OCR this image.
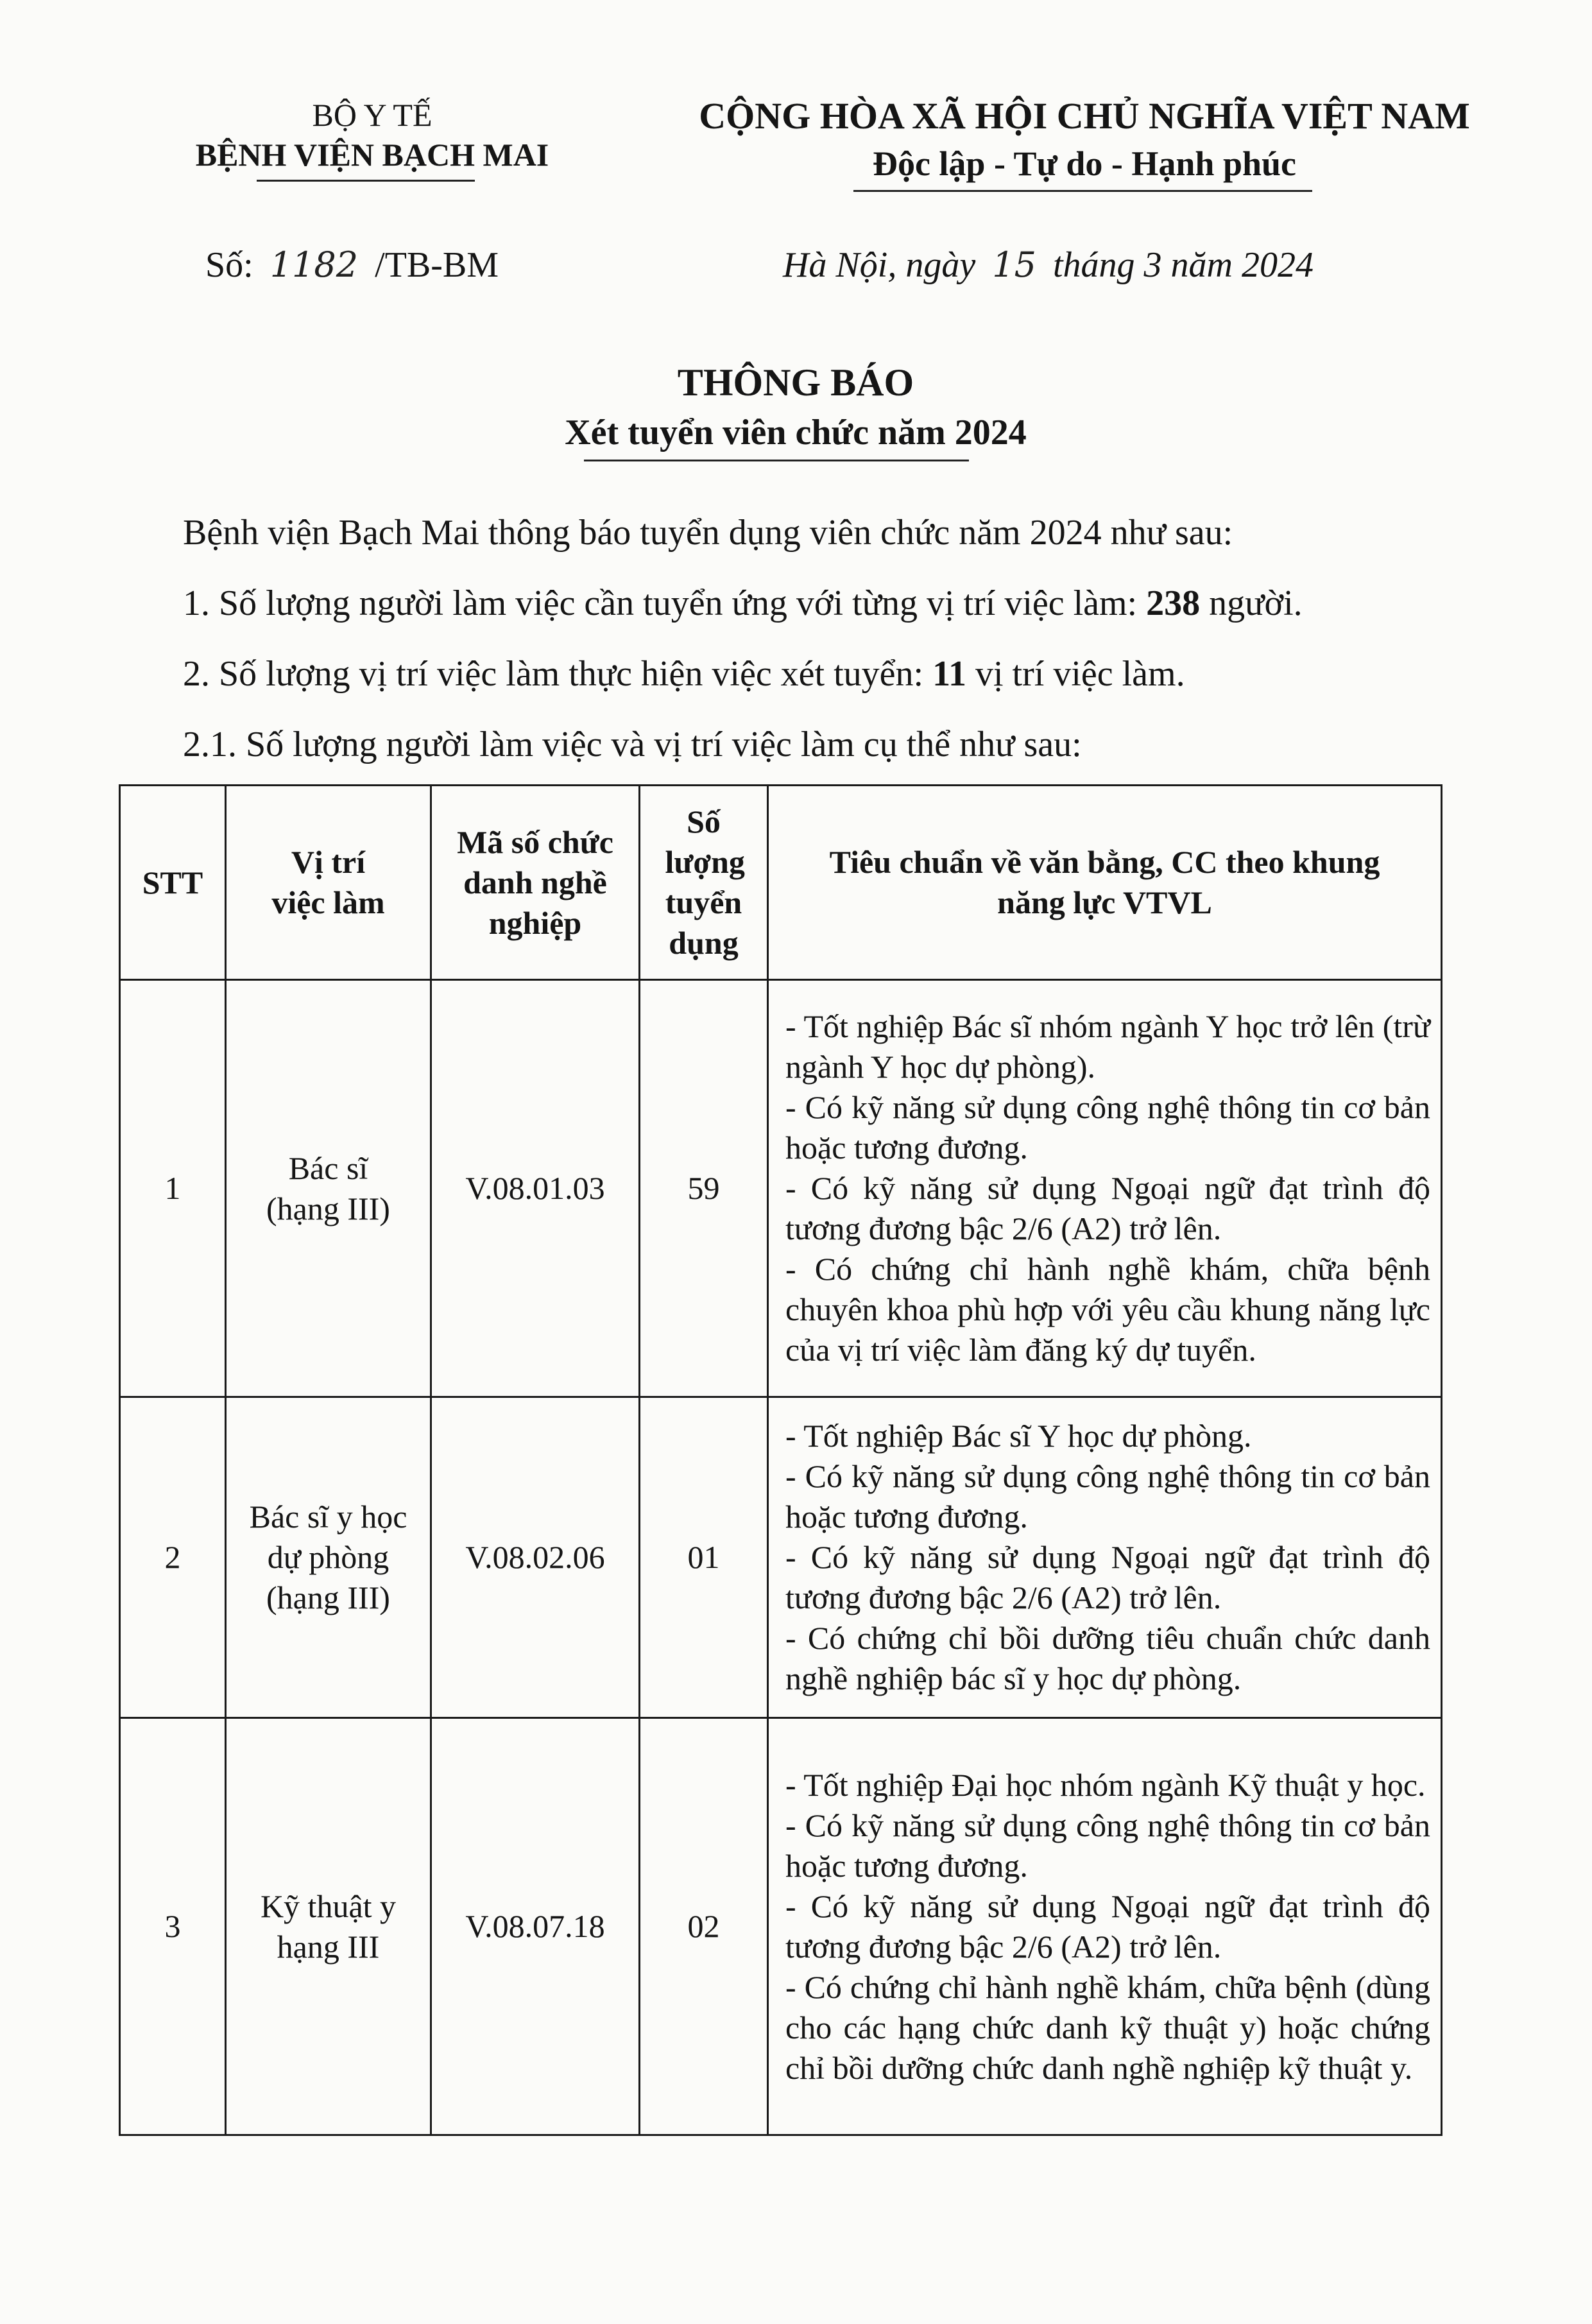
BỘ Y TẾ
BỆNH VIỆN BẠCH MAI
CỘNG HÒA XÃ HỘI CHỦ NGHĨA VIỆT NAM
Độc lập - Tự do - Hạnh phúc
Số: 1182 /TB-BM	Hà Nội, ngày 15 tháng 3 năm 2024
THÔNG BÁO
Xét tuyển viên chức năm 2024
Bệnh viện Bạch Mai thông báo tuyển dụng viên chức năm 2024 như sau:
1. Số lượng người làm việc cần tuyển ứng với từng vị trí việc làm: 238 người.
2. Số lượng vị trí việc làm thực hiện việc xét tuyển: 11 vị trí việc làm.
2.1. Số lượng người làm việc và vị trí việc làm cụ thể như sau:
STT	Vị trí việc làm	Mã số chức danh nghề nghiệp	Số lượng tuyển dụng	Tiêu chuẩn về văn bằng, CC theo khung năng lực VTVL

1	Bác sĩ (hạng III)	V.08.01.03	59	- Tốt nghiệp Bác sĩ nhóm ngành Y học trở lên (trừ ngành Y học dự phòng).
- Có kỹ năng sử dụng công nghệ thông tin cơ bản hoặc tương đương.
- Có kỹ năng sử dụng Ngoại ngữ đạt trình độ tương đương bậc 2/6 (A2) trở lên.
- Có chứng chỉ hành nghề khám, chữa bệnh chuyên khoa phù hợp với yêu cầu khung năng lực của vị trí việc làm đăng ký dự tuyển.

2	Bác sĩ y học dự phòng (hạng III)	V.08.02.06	01	- Tốt nghiệp Bác sĩ Y học dự phòng.
- Có kỹ năng sử dụng công nghệ thông tin cơ bản hoặc tương đương.
- Có kỹ năng sử dụng Ngoại ngữ đạt trình độ tương đương bậc 2/6 (A2) trở lên.
- Có chứng chỉ bồi dưỡng tiêu chuẩn chức danh nghề nghiệp bác sĩ y học dự phòng.

3	Kỹ thuật y hạng III	V.08.07.18	02	- Tốt nghiệp Đại học nhóm ngành Kỹ thuật y học.
- Có kỹ năng sử dụng công nghệ thông tin cơ bản hoặc tương đương.
- Có kỹ năng sử dụng Ngoại ngữ đạt trình độ tương đương bậc 2/6 (A2) trở lên.
- Có chứng chỉ hành nghề khám, chữa bệnh (dùng cho các hạng chức danh kỹ thuật y) hoặc chứng chỉ bồi dưỡng chức danh nghề nghiệp kỹ thuật y.
